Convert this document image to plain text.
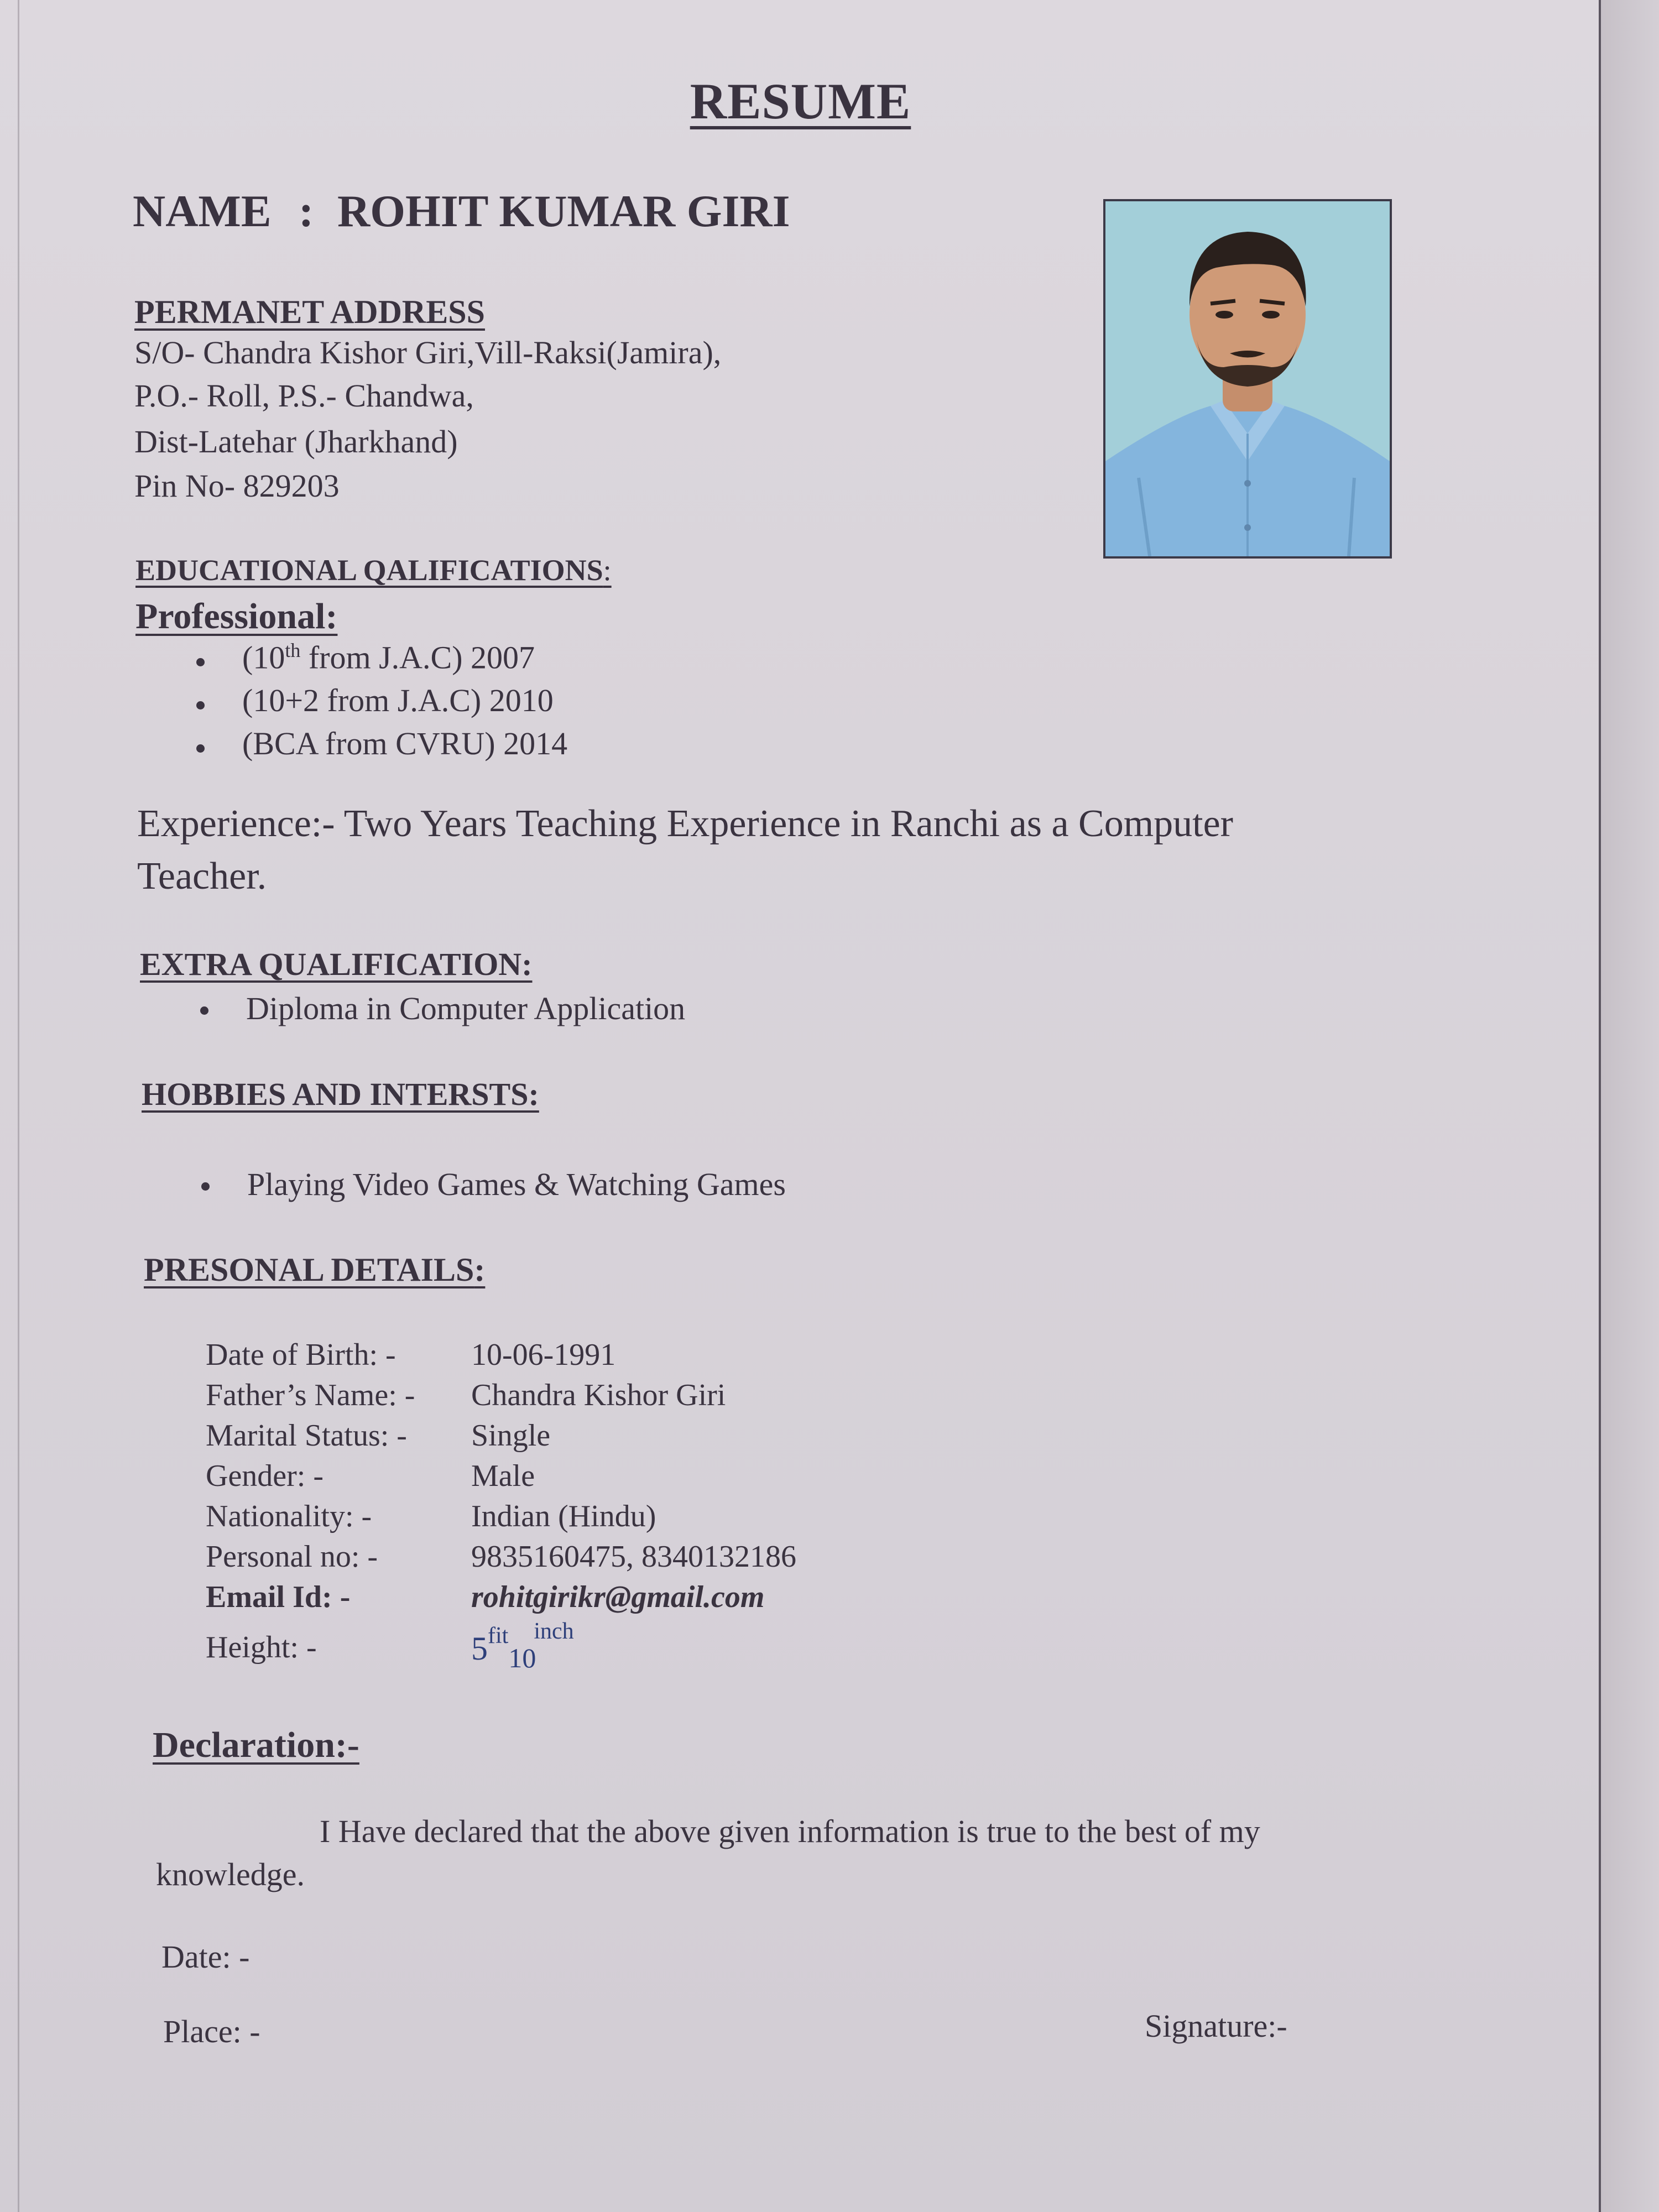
RESUME
NAME : ROHIT KUMAR GIRI
PERMANET ADDRESS
S/O- Chandra Kishor Giri,Vill-Raksi(Jamira),
P.O.- Roll, P.S.- Chandwa,
Dist-Latehar (Jharkhand)
Pin No- 829203
EDUCATIONAL QALIFICATIONS:
Professional:
(10th from J.A.C) 2007
(10+2 from J.A.C) 2010
(BCA from CVRU) 2014
Experience:- Two Years Teaching Experience in Ranchi as a Computer
Teacher.
EXTRA QUALIFICATION:
Diploma in Computer Application
HOBBIES AND INTERSTS:
Playing Video Games & Watching Games
PRESONAL DETAILS:
Date of Birth: - 10-06-1991
Father’s Name: - Chandra Kishor Giri
Marital Status: - Single
Gender: -	Male
Nationality: -	Indian (Hindu)
Personal no: -	9835160475, 8340132186
Email Id: -	rohitgirikr@gmail.com
Height: -	$5^{fit}_{10}^{inch}$
Declaration:-
I Have declared that the above given information is true to the best of my
knowledge.
Date: -
Place: -	Signature:-
